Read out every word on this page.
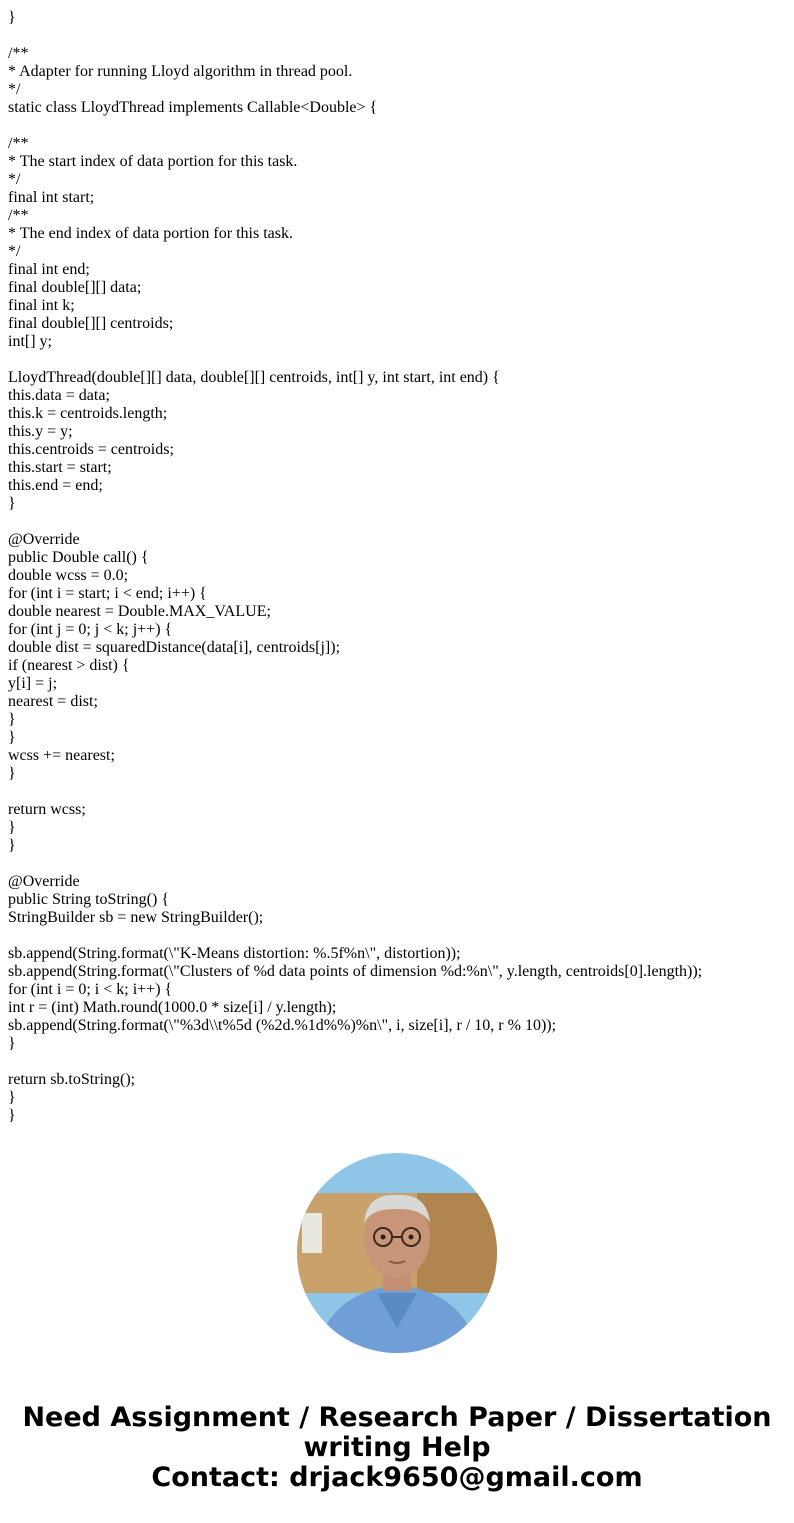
}
/**
* Adapter for running Lloyd algorithm in thread pool.
*/
static class LloydThread implements Callable<Double> {
/**
* The start index of data portion for this task.
*/
final int start;
/**
* The end index of data portion for this task.
*/
final int end;
final double[][] data;
final int k;
final double[][] centroids;
int[] y;
LloydThread(double[][] data, double[][] centroids, int[] y, int start, int end) {
this.data = data;
this.k = centroids.length;
this.y = y;
this.centroids = centroids;
this.start = start;
this.end = end;
}
@Override
public Double call() {
double wcss = 0.0;
for (int i = start; i < end; i++) {
double nearest = Double.MAX_VALUE;
for (int j = 0; j < k; j++) {
double dist = squaredDistance(data[i], centroids[j]);
if (nearest > dist) {
y[i] = j;
nearest = dist;
}
}
wcss += nearest;
}
return wcss;
}
}
@Override
public String toString() {
StringBuilder sb = new StringBuilder();
sb.append(String.format(\"K-Means distortion: %.5f%n\", distortion));
sb.append(String.format(\"Clusters of %d data points of dimension %d:%n\", y.length, centroids[0].length));
for (int i = 0; i < k; i++) {
int r = (int) Math.round(1000.0 * size[i] / y.length);
sb.append(String.format(\"%3d\\t%5d (%2d.%1d%%)%n\", i, size[i], r / 10, r % 10));
}
return sb.toString();
}
}
Need Assignment / Research Paper / Dissertation
writing Help
Contact: drjack9650@gmail.com
